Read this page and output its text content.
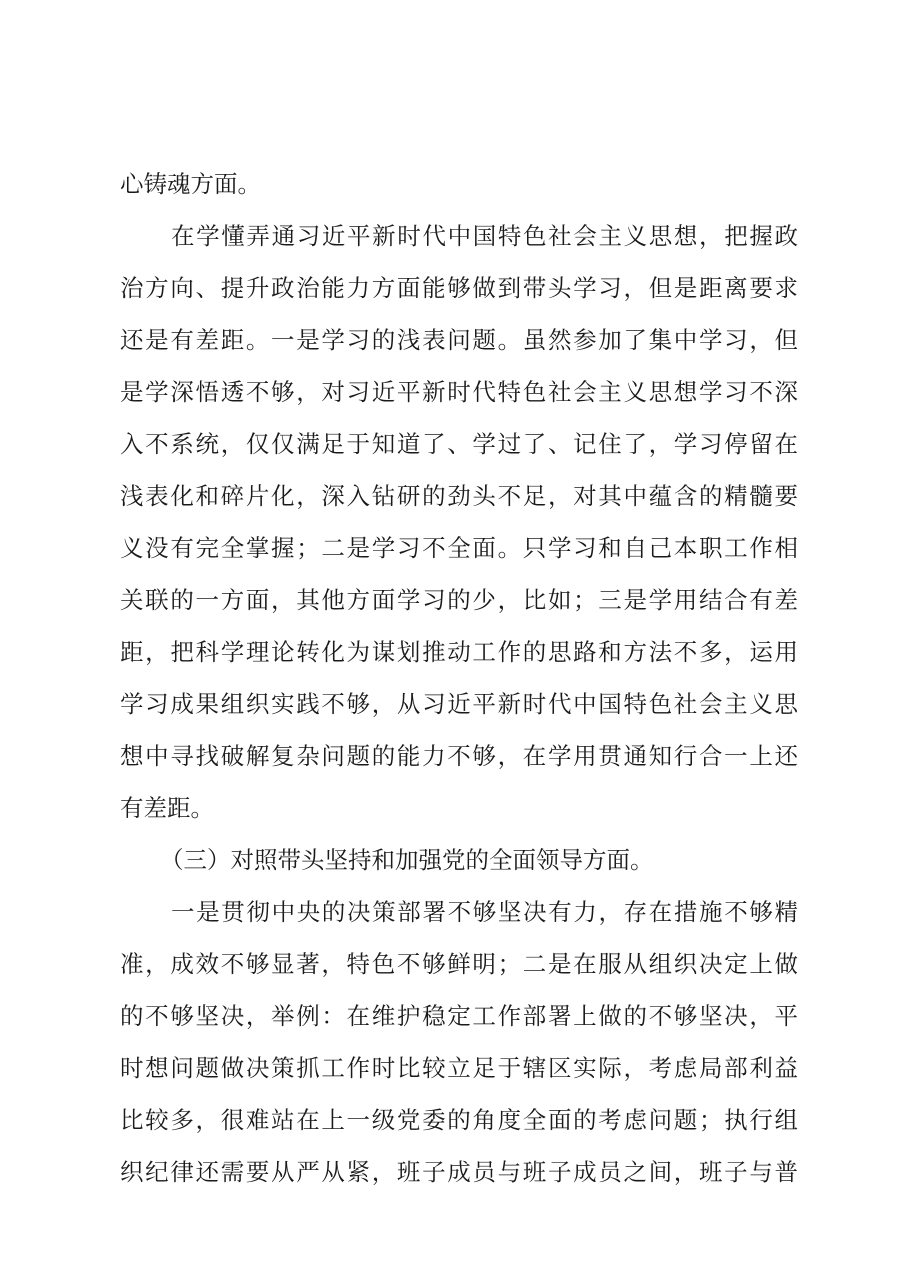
心铸魂方面。
在学懂弄通习近平新时代中国特色社会主义思想，把握政
治方向、提升政治能力方面能够做到带头学习，但是距离要求
还是有差距。一是学习的浅表问题。虽然参加了集中学习，但
是学深悟透不够，对习近平新时代特色社会主义思想学习不深
入不系统，仅仅满足于知道了、学过了、记住了，学习停留在
浅表化和碎片化，深入钻研的劲头不足，对其中蕴含的精髓要
义没有完全掌握；二是学习不全面。只学习和自己本职工作相
关联的一方面，其他方面学习的少，比如；三是学用结合有差
距，把科学理论转化为谋划推动工作的思路和方法不多，运用
学习成果组织实践不够，从习近平新时代中国特色社会主义思
想中寻找破解复杂问题的能力不够，在学用贯通知行合一上还
有差距。
（三）对照带头坚持和加强党的全面领导方面。
一是贯彻中央的决策部署不够坚决有力，存在措施不够精
准，成效不够显著，特色不够鲜明；二是在服从组织决定上做
的不够坚决，举例：在维护稳定工作部署上做的不够坚决，平
时想问题做决策抓工作时比较立足于辖区实际，考虑局部利益
比较多，很难站在上一级党委的角度全面的考虑问题；执行组
织纪律还需要从严从紧，班子成员与班子成员之间，班子与普
